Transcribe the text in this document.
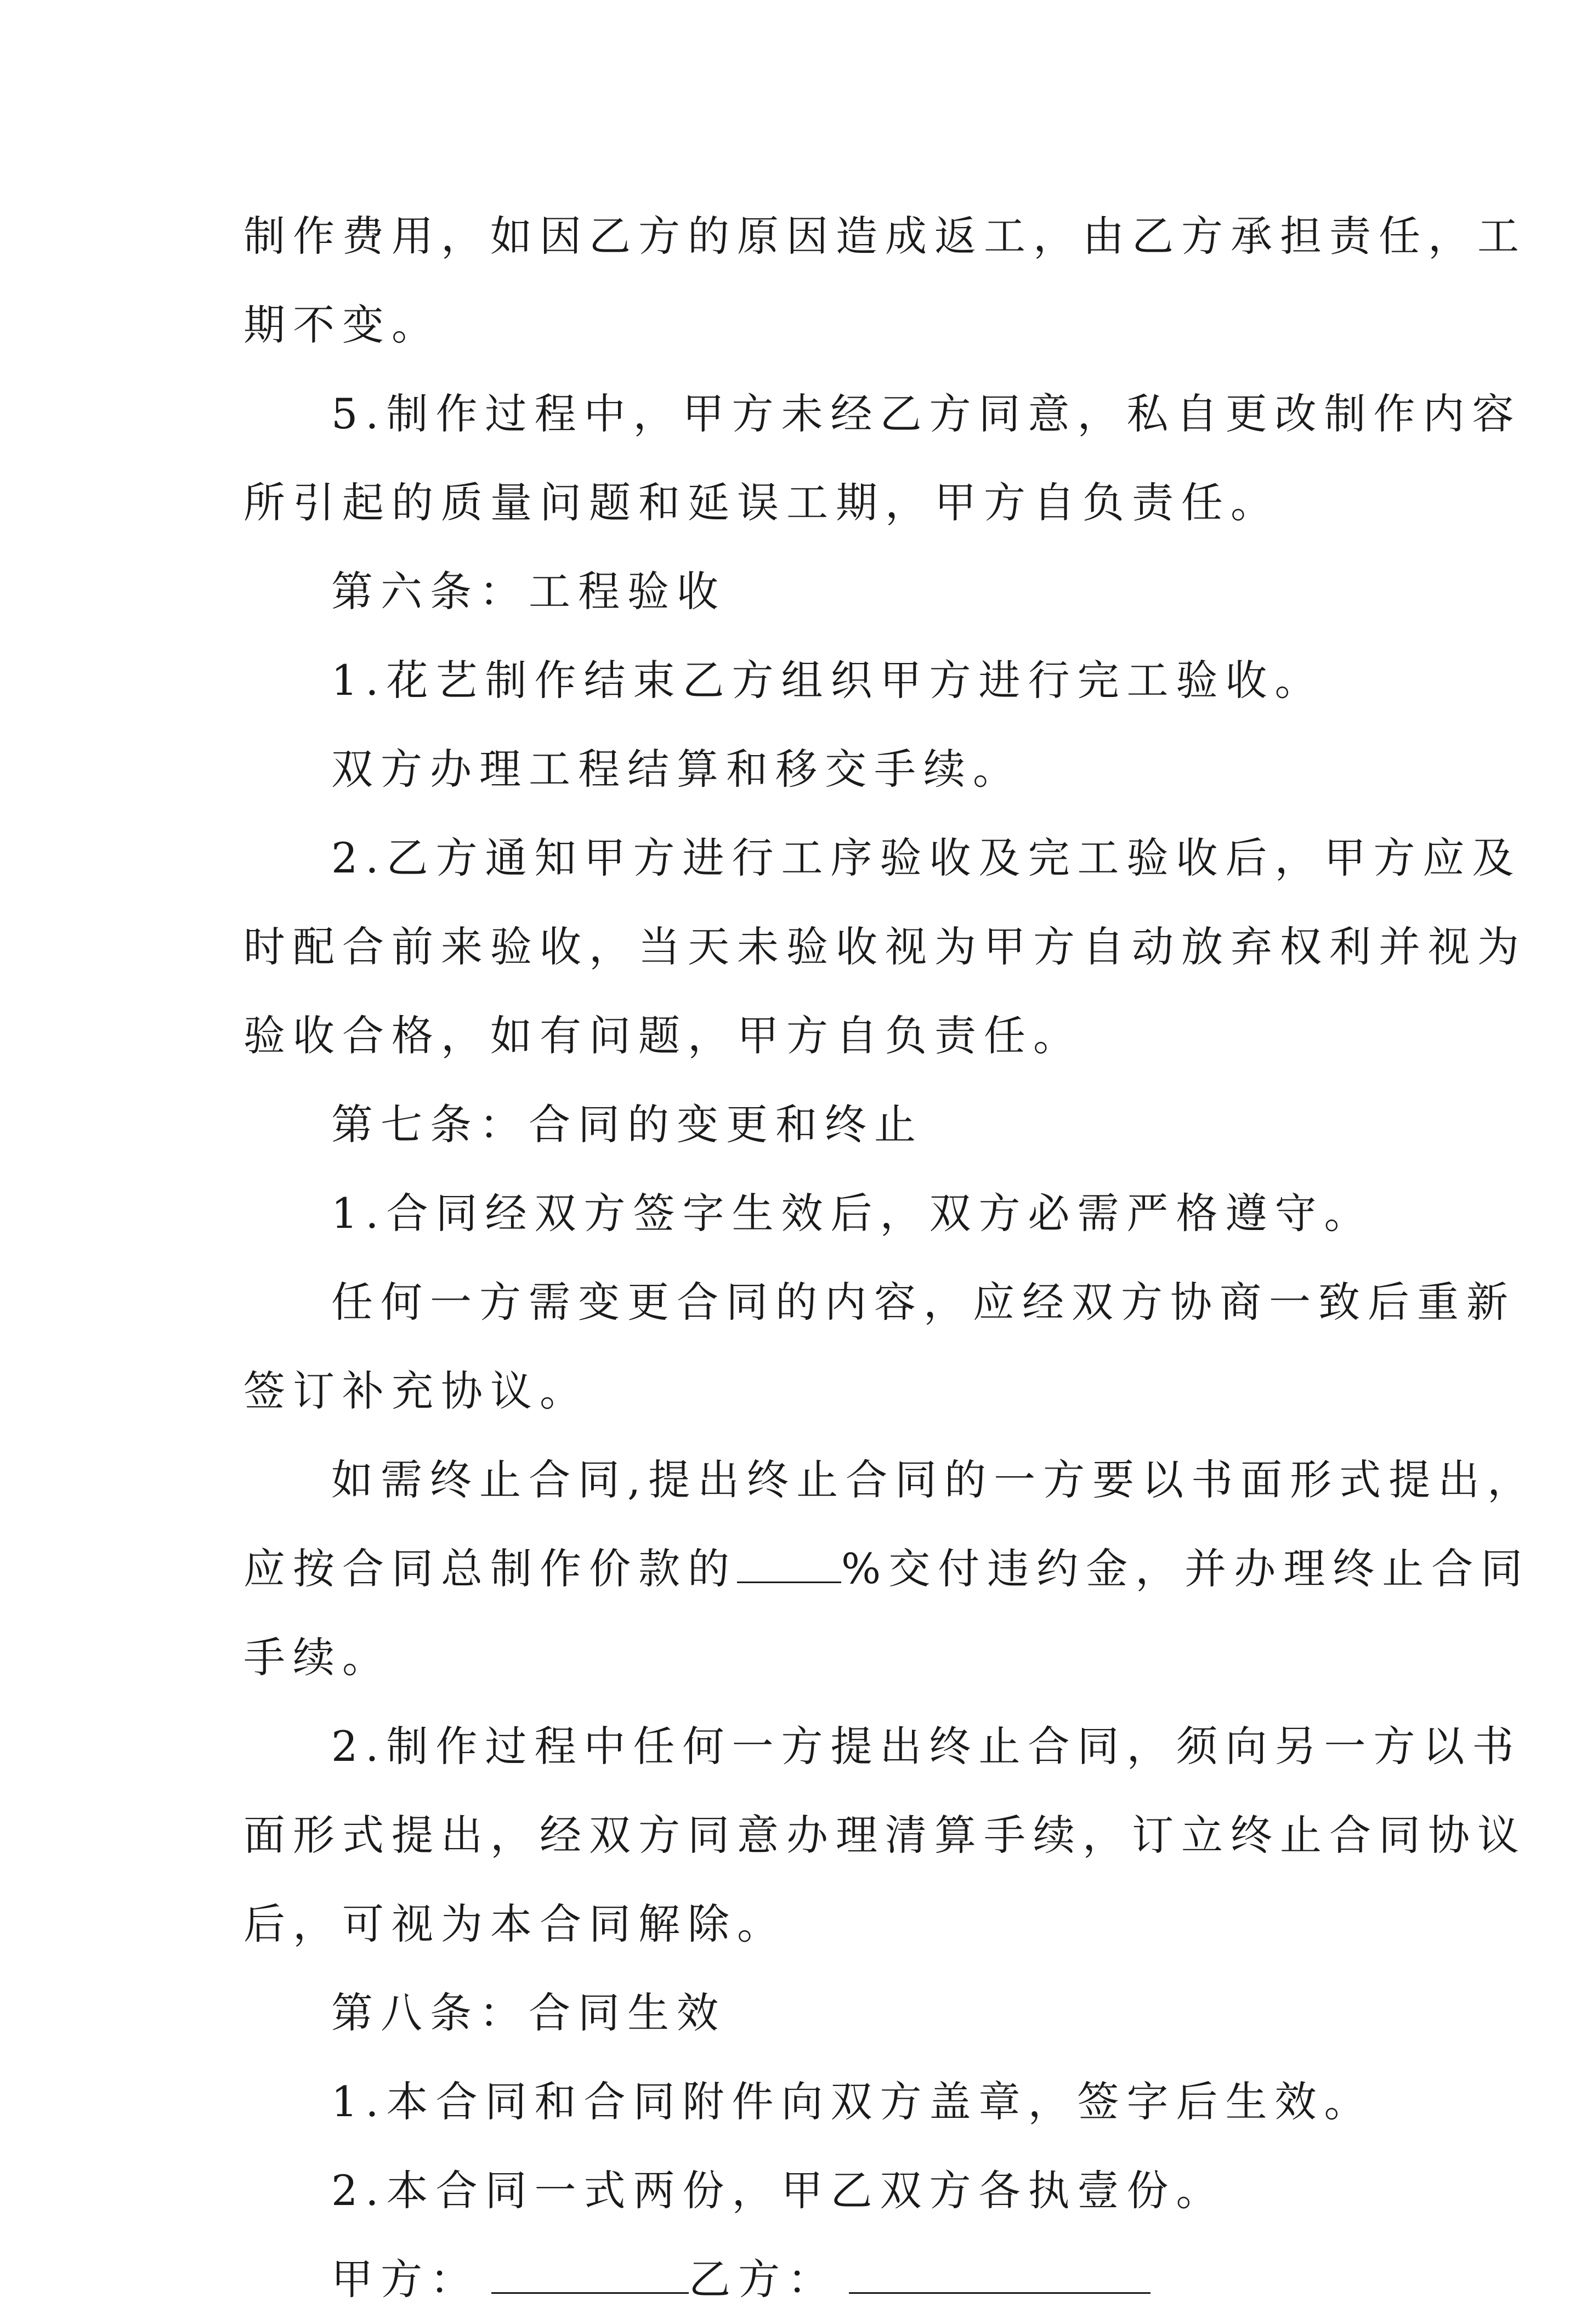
制作费用，如因乙方的原因造成返工，由乙方承担责任，工
期不变。
5.制作过程中，甲方未经乙方同意，私自更改制作内容
所引起的质量问题和延误工期，甲方自负责任。
第六条：工程验收
1.花艺制作结束乙方组织甲方进行完工验收。
双方办理工程结算和移交手续。
2.乙方通知甲方进行工序验收及完工验收后，甲方应及
时配合前来验收，当天未验收视为甲方自动放弃权利并视为
验收合格，如有问题，甲方自负责任。
第七条：合同的变更和终止
1.合同经双方签字生效后，双方必需严格遵守。
任何一方需变更合同的内容，应经双方协商一致后重新
签订补充协议。
如需终止合同,提出终止合同的一方要以书面形式提出，
应按合同总制作价款的	%交付违约金，并办理终止合同
手续。
2.制作过程中任何一方提出终止合同，须向另一方以书
面形式提出，经双方同意办理清算手续，订立终止合同协议
后，可视为本合同解除。
第八条：合同生效
1.本合同和合同附件向双方盖章，签字后生效。
2.本合同一式两份，甲乙双方各执壹份。
甲方：	乙方：
